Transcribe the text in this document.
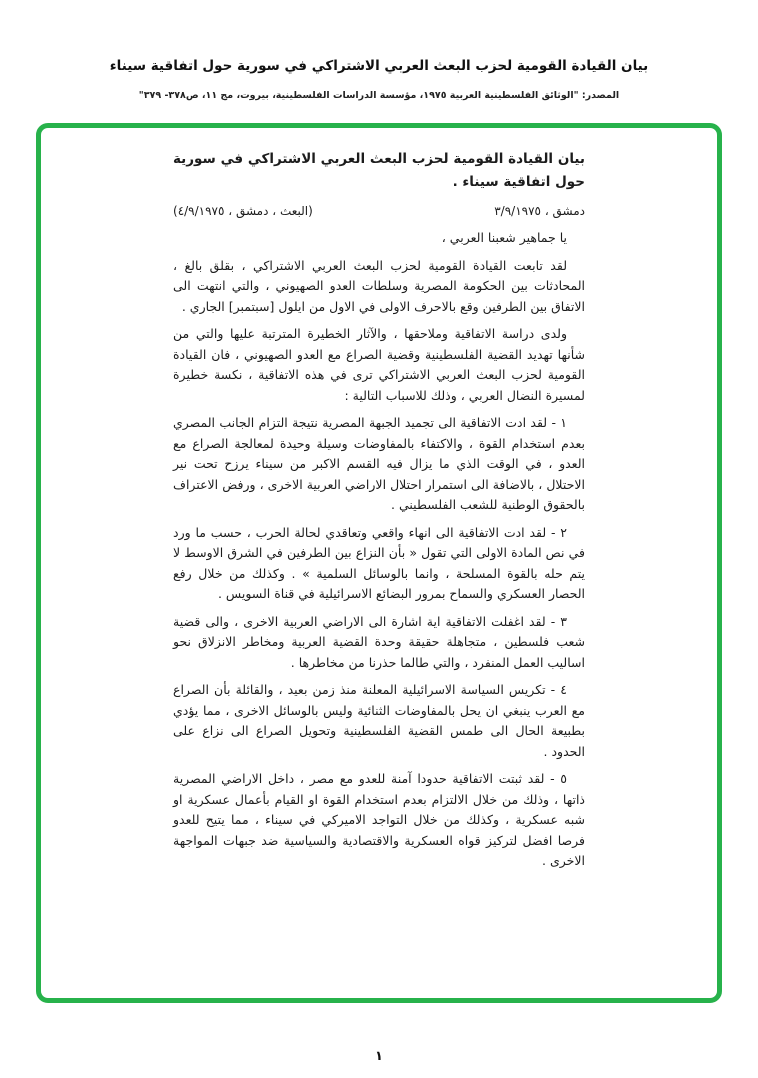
بيان القيادة القومية لحزب البعث العربي الاشتراكي في سورية حول اتفاقية سيناء
المصدر: "الوثائق الفلسطينية العربية ١٩٧٥، مؤسسة الدراسات الفلسطينية، بيروت، مج ١١، ص٣٧٨- ٣٧٩"
بيان القيادة القومية لحزب البعث العربي الاشتراكي في سورية حول اتفاقية سيناء .
دمشق ، ٣/٩/١٩٧٥
(البعث ، دمشق ، ٤/٩/١٩٧٥)

يا جماهير شعبنا العربي ،

لقد تابعت القيادة القومية لحزب البعث العربي الاشتراكي ، بقلق بالغ ، المحادثات بين الحكومة المصرية وسلطات العدو الصهيوني ، والتي انتهت الى الاتفاق بين الطرفين وقع بالاحرف الاولى في الاول من ايلول [سبتمبر] الجاري .

ولدى دراسة الاتفاقية وملاحقها ، والآثار الخطيرة المترتبة عليها والتي من شأنها تهديد القضية الفلسطينية وقضية الصراع مع العدو الصهيوني ، فان القيادة القومية لحزب البعث العربي الاشتراكي ترى في هذه الاتفاقية ، نكسة خطيرة لمسيرة النضال العربي ، وذلك للاسباب التالية :

١ - لقد ادت الاتفاقية الى تجميد الجبهة المصرية نتيجة التزام الجانب المصري بعدم استخدام القوة ، والاكتفاء بالمفاوضات وسيلة وحيدة لمعالجة الصراع مع العدو ، في الوقت الذي ما يزال فيه القسم الاكبر من سيناء يرزح تحت نير الاحتلال ، بالاضافة الى استمرار احتلال الاراضي العربية الاخرى ، ورفض الاعتراف بالحقوق الوطنية للشعب الفلسطيني .

٢ - لقد ادت الاتفاقية الى انهاء واقعي وتعاقدي لحالة الحرب ، حسب ما ورد في نص المادة الاولى التي تقول « بأن النزاع بين الطرفين في الشرق الاوسط لا يتم حله بالقوة المسلحة ، وانما بالوسائل السلمية » . وكذلك من خلال رفع الحصار العسكري والسماح بمرور البضائع الاسرائيلية في قناة السويس .

٣ - لقد اغفلت الاتفاقية اية اشارة الى الاراضي العربية الاخرى ، والى قضية شعب فلسطين ، متجاهلة حقيقة وحدة القضية العربية ومخاطر الانزلاق نحو اساليب العمل المنفرد ، والتي طالما حذرنا من مخاطرها .

٤ - تكريس السياسة الاسرائيلية المعلنة منذ زمن بعيد ، والقائلة بأن الصراع مع العرب ينبغي ان يحل بالمفاوضات الثنائية وليس بالوسائل الاخرى ، مما يؤدي بطبيعة الحال الى طمس القضية الفلسطينية وتحويل الصراع الى نزاع على الحدود .

٥ - لقد ثبتت الاتفاقية حدودا آمنة للعدو مع مصر ، داخل الاراضي المصرية ذاتها ، وذلك من خلال الالتزام بعدم استخدام القوة او القيام بأعمال عسكرية او شبه عسكرية ، وكذلك من خلال التواجد الاميركي في سيناء ، مما يتيح للعدو فرصا افضل لتركيز قواه العسكرية والاقتصادية والسياسية ضد جبهات المواجهة الاخرى .

١
